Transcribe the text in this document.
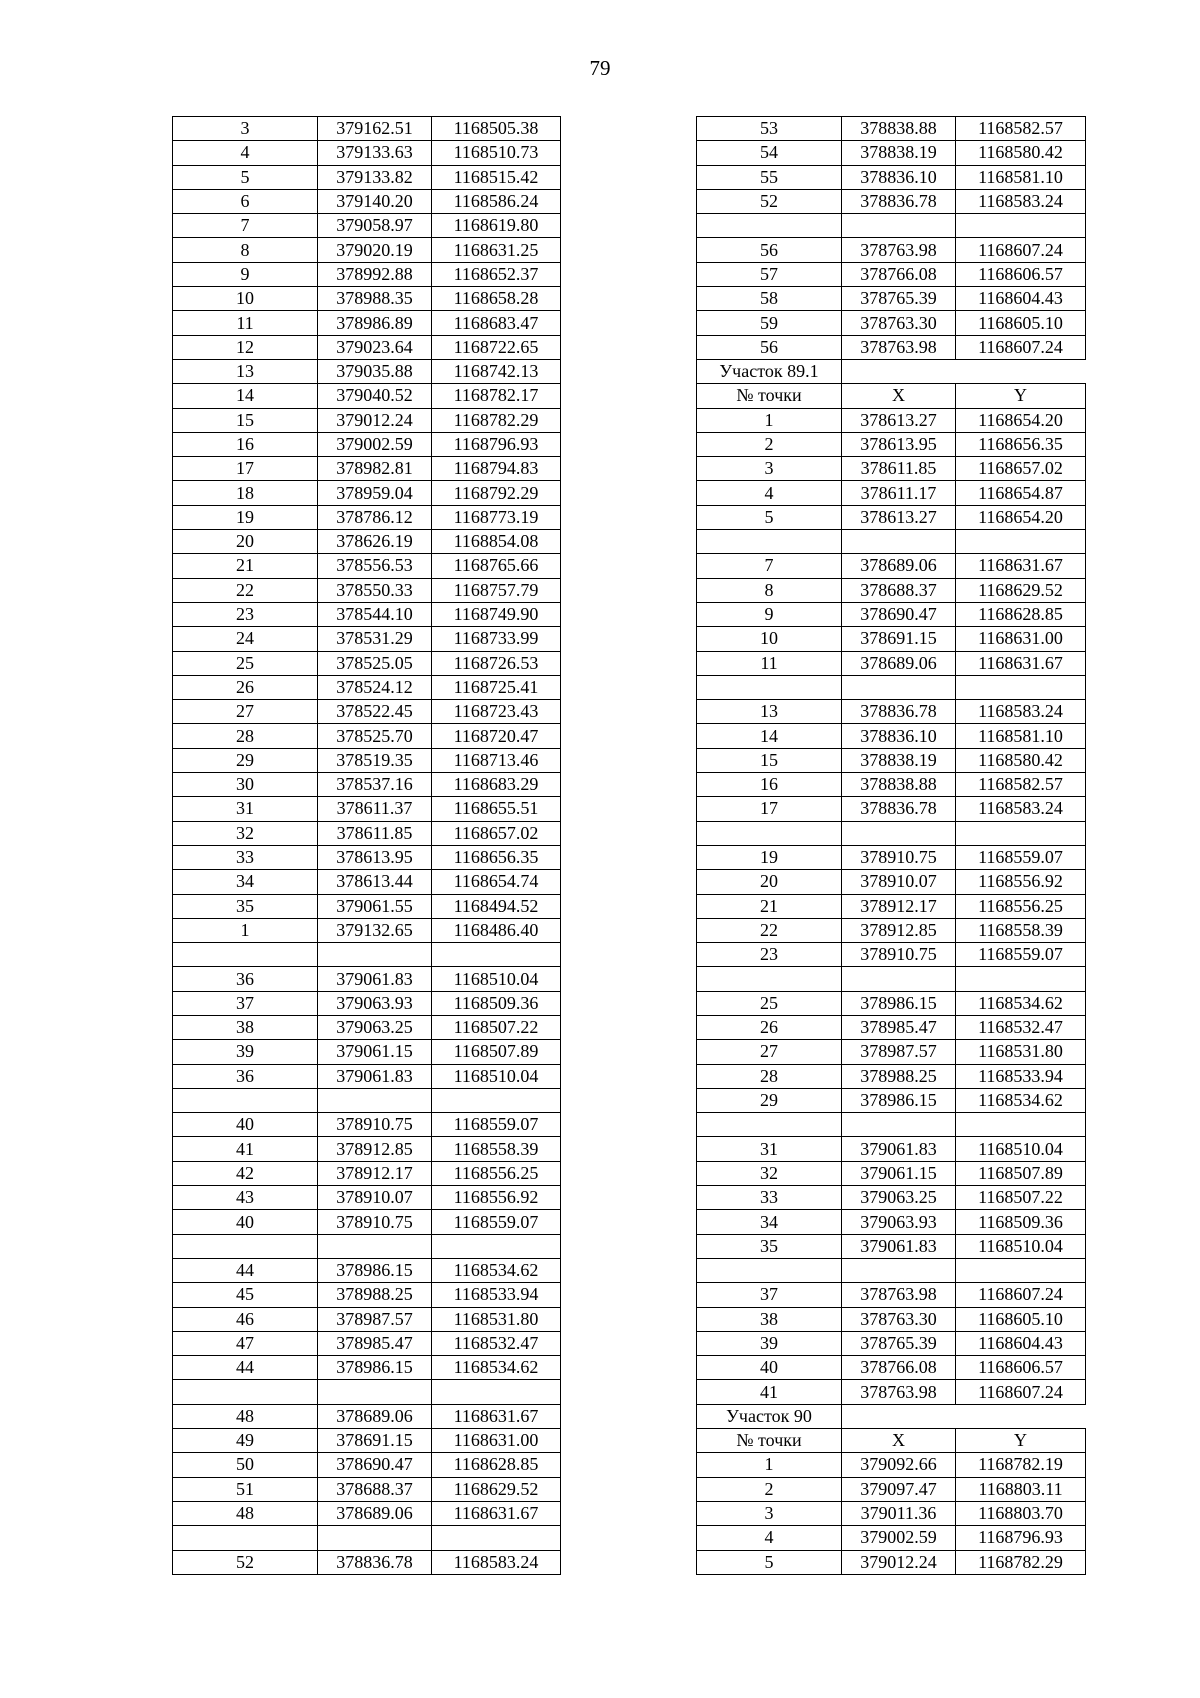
79
3	379162.51	1168505.38
4	379133.63	1168510.73
5	379133.82	1168515.42
6	379140.20	1168586.24
7	379058.97	1168619.80
8	379020.19	1168631.25
9	378992.88	1168652.37
10	378988.35	1168658.28
11	378986.89	1168683.47
12	379023.64	1168722.65
13	379035.88	1168742.13
14	379040.52	1168782.17
15	379012.24	1168782.29
16	379002.59	1168796.93
17	378982.81	1168794.83
18	378959.04	1168792.29
19	378786.12	1168773.19
20	378626.19	1168854.08
21	378556.53	1168765.66
22	378550.33	1168757.79
23	378544.10	1168749.90
24	378531.29	1168733.99
25	378525.05	1168726.53
26	378524.12	1168725.41
27	378522.45	1168723.43
28	378525.70	1168720.47
29	378519.35	1168713.46
30	378537.16	1168683.29
31	378611.37	1168655.51
32	378611.85	1168657.02
33	378613.95	1168656.35
34	378613.44	1168654.74
35	379061.55	1168494.52
1	379132.65	1168486.40

36	379061.83	1168510.04
37	379063.93	1168509.36
38	379063.25	1168507.22
39	379061.15	1168507.89
36	379061.83	1168510.04

40	378910.75	1168559.07
41	378912.85	1168558.39
42	378912.17	1168556.25
43	378910.07	1168556.92
40	378910.75	1168559.07

44	378986.15	1168534.62
45	378988.25	1168533.94
46	378987.57	1168531.80
47	378985.47	1168532.47
44	378986.15	1168534.62

48	378689.06	1168631.67
49	378691.15	1168631.00
50	378690.47	1168628.85
51	378688.37	1168629.52
48	378689.06	1168631.67

52	378836.78	1168583.24
53	378838.88	1168582.57
54	378838.19	1168580.42
55	378836.10	1168581.10
52	378836.78	1168583.24

56	378763.98	1168607.24
57	378766.08	1168606.57
58	378765.39	1168604.43
59	378763.30	1168605.10
56	378763.98	1168607.24
Участок 89.1		
№ точки	X	Y
1	378613.27	1168654.20
2	378613.95	1168656.35
3	378611.85	1168657.02
4	378611.17	1168654.87
5	378613.27	1168654.20

7	378689.06	1168631.67
8	378688.37	1168629.52
9	378690.47	1168628.85
10	378691.15	1168631.00
11	378689.06	1168631.67

13	378836.78	1168583.24
14	378836.10	1168581.10
15	378838.19	1168580.42
16	378838.88	1168582.57
17	378836.78	1168583.24

19	378910.75	1168559.07
20	378910.07	1168556.92
21	378912.17	1168556.25
22	378912.85	1168558.39
23	378910.75	1168559.07

25	378986.15	1168534.62
26	378985.47	1168532.47
27	378987.57	1168531.80
28	378988.25	1168533.94
29	378986.15	1168534.62

31	379061.83	1168510.04
32	379061.15	1168507.89
33	379063.25	1168507.22
34	379063.93	1168509.36
35	379061.83	1168510.04

37	378763.98	1168607.24
38	378763.30	1168605.10
39	378765.39	1168604.43
40	378766.08	1168606.57
41	378763.98	1168607.24
Участок 90		
№ точки	X	Y
1	379092.66	1168782.19
2	379097.47	1168803.11
3	379011.36	1168803.70
4	379002.59	1168796.93
5	379012.24	1168782.29
